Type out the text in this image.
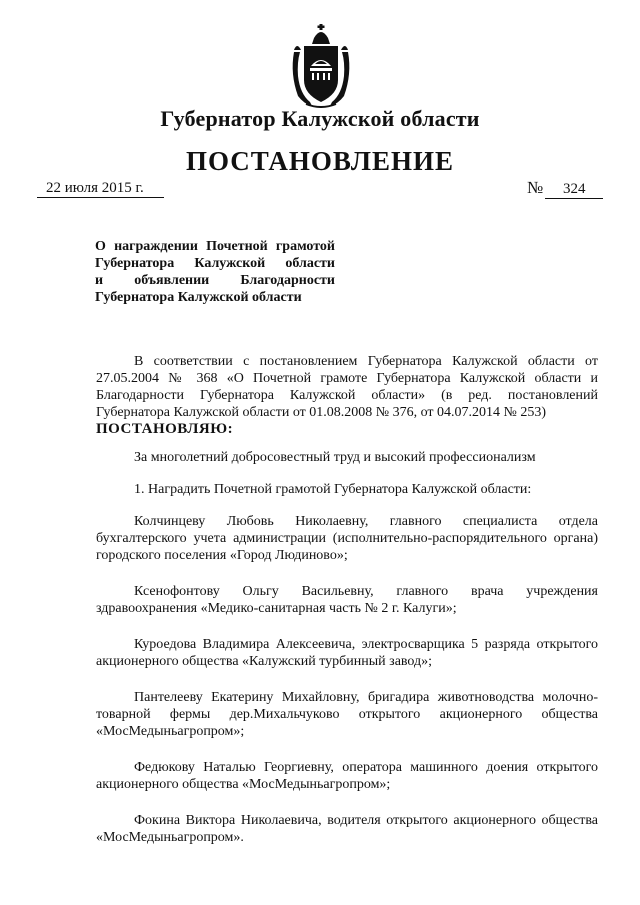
Губернатор Калужской области
ПОСТАНОВЛЕНИЕ
22 июля 2015 г.	№ 324
О награждении Почетной грамотой
Губернатора Калужской области
и объявлении Благодарности
Губернатора Калужской области

В соответствии с постановлением Губернатора Калужской области от 27.05.2004 № 368 «О Почетной грамоте Губернатора Калужской области и Благодарности Губернатора Калужской области» (в ред. постановлений Губернатора Калужской области от 01.08.2008 № 376, от 04.07.2014 № 253)

ПОСТАНОВЛЯЮ:

За многолетний добросовестный труд и высокий профессионализм

1. Наградить Почетной грамотой Губернатора Калужской области:

Колчинцеву Любовь Николаевну, главного специалиста отдела бухгалтерского учета администрации (исполнительно-распорядительного органа) городского поселения «Город Людиново»;

Ксенофонтову Ольгу Васильевну, главного врача учреждения здравоохранения «Медико-санитарная часть № 2 г. Калуги»;

Куроедова Владимира Алексеевича, электросварщика 5 разряда открытого акционерного общества «Калужский турбинный завод»;

Пантелееву Екатерину Михайловну, бригадира животноводства молочно-товарной фермы дер.Михальчуково открытого акционерного общества «МосМедыньагропром»;

Федюкову Наталью Георгиевну, оператора машинного доения открытого акционерного общества «МосМедыньагропром»;

Фокина Виктора Николаевича, водителя открытого акционерного общества «МосМедыньагропром».
